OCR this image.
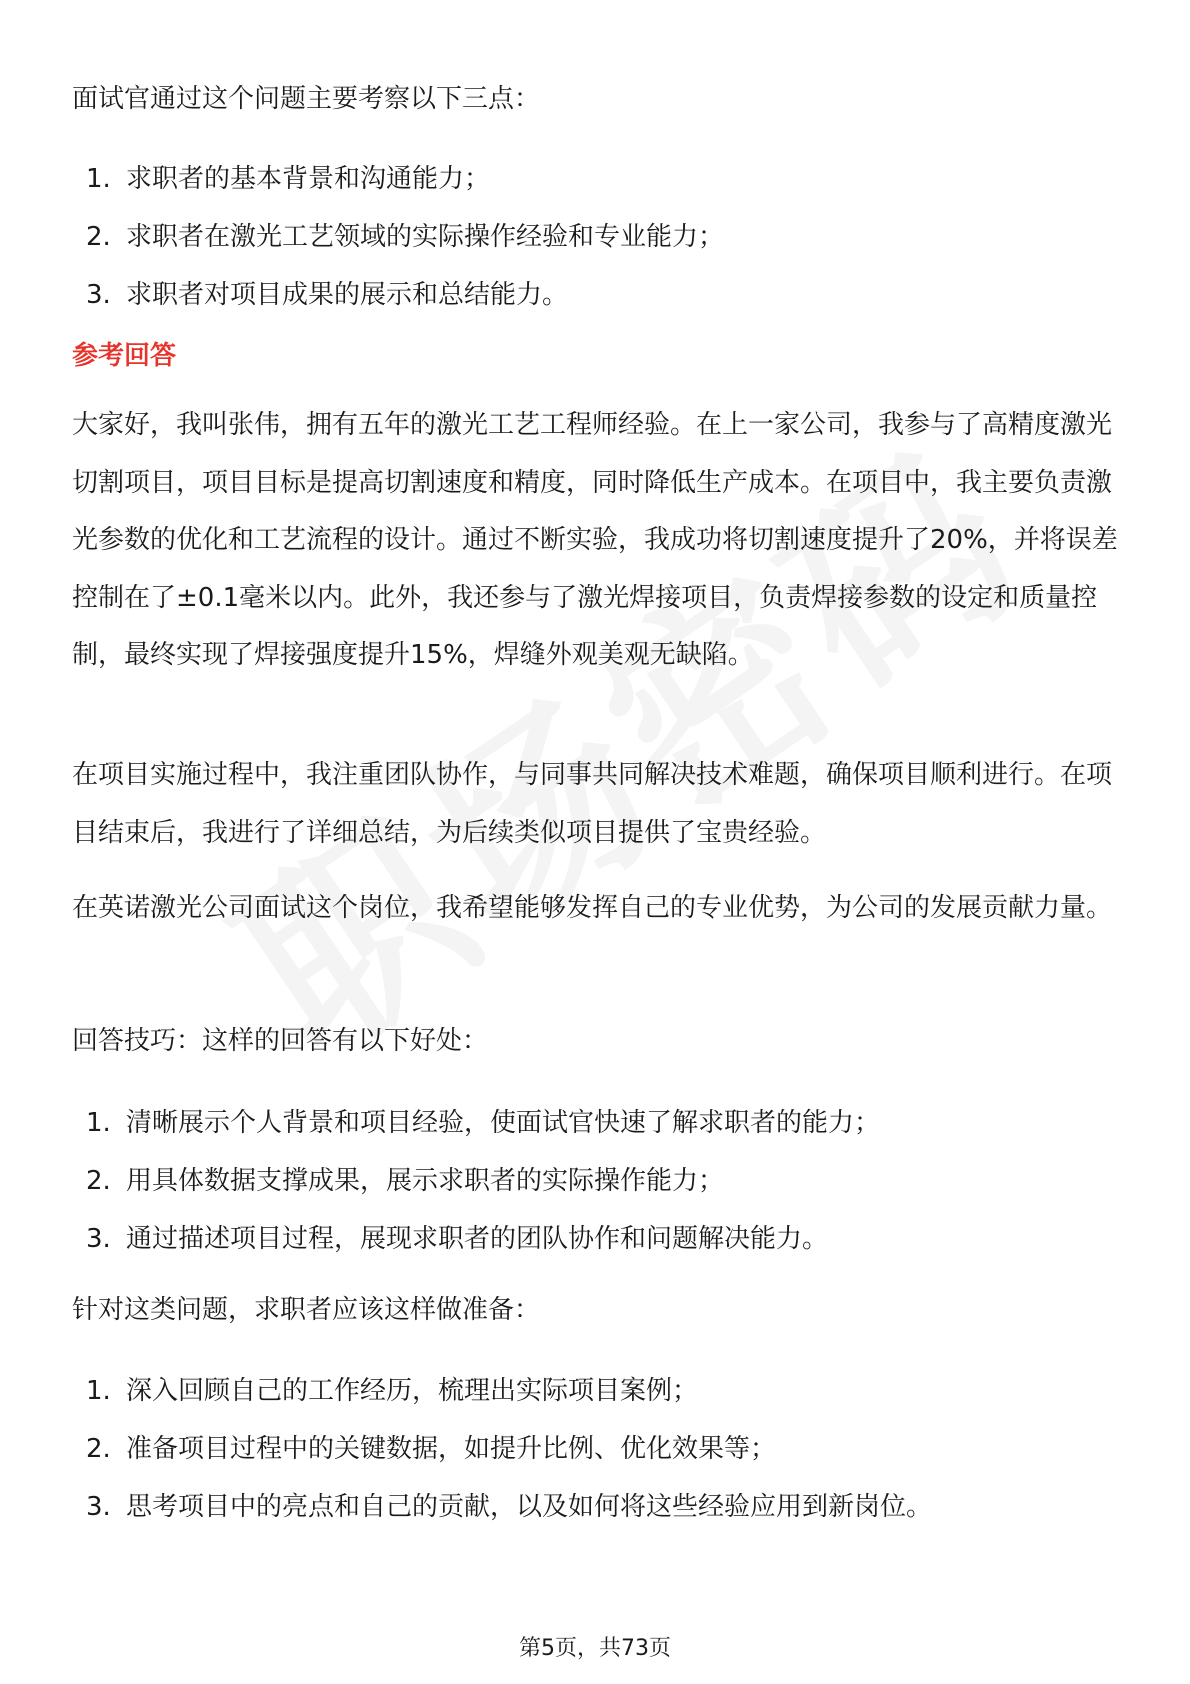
面试官通过这个问题主要考察以下三点：

1. 求职者的基本背景和沟通能力；
2. 求职者在激光工艺领域的实际操作经验和专业能力；
3. 求职者对项目成果的展示和总结能力。
参考回答

大家好，我叫张伟，拥有五年的激光工艺工程师经验。在上一家公司，我参与了高精度激光切割项目，项目目标是提高切割速度和精度，同时降低生产成本。在项目中，我主要负责激光参数的优化和工艺流程的设计。通过不断实验，我成功将切割速度提升了20%，并将误差控制在了±0.1毫米以内。此外，我还参与了激光焊接项目，负责焊接参数的设定和质量控制，最终实现了焊接强度提升15%，焊缝外观美观无缺陷。

在项目实施过程中，我注重团队协作，与同事共同解决技术难题，确保项目顺利进行。在项目结束后，我进行了详细总结，为后续类似项目提供了宝贵经验。

在英诺激光公司面试这个岗位，我希望能够发挥自己的专业优势，为公司的发展贡献力量。

回答技巧：这样的回答有以下好处：

1. 清晰展示个人背景和项目经验，使面试官快速了解求职者的能力；
2. 用具体数据支撑成果，展示求职者的实际操作能力；
3. 通过描述项目过程，展现求职者的团队协作和问题解决能力。

针对这类问题，求职者应该这样做准备：

1. 深入回顾自己的工作经历，梳理出实际项目案例；
2. 准备项目过程中的关键数据，如提升比例、优化效果等；
3. 思考项目中的亮点和自己的贡献，以及如何将这些经验应用到新岗位。
第5页，共73页
